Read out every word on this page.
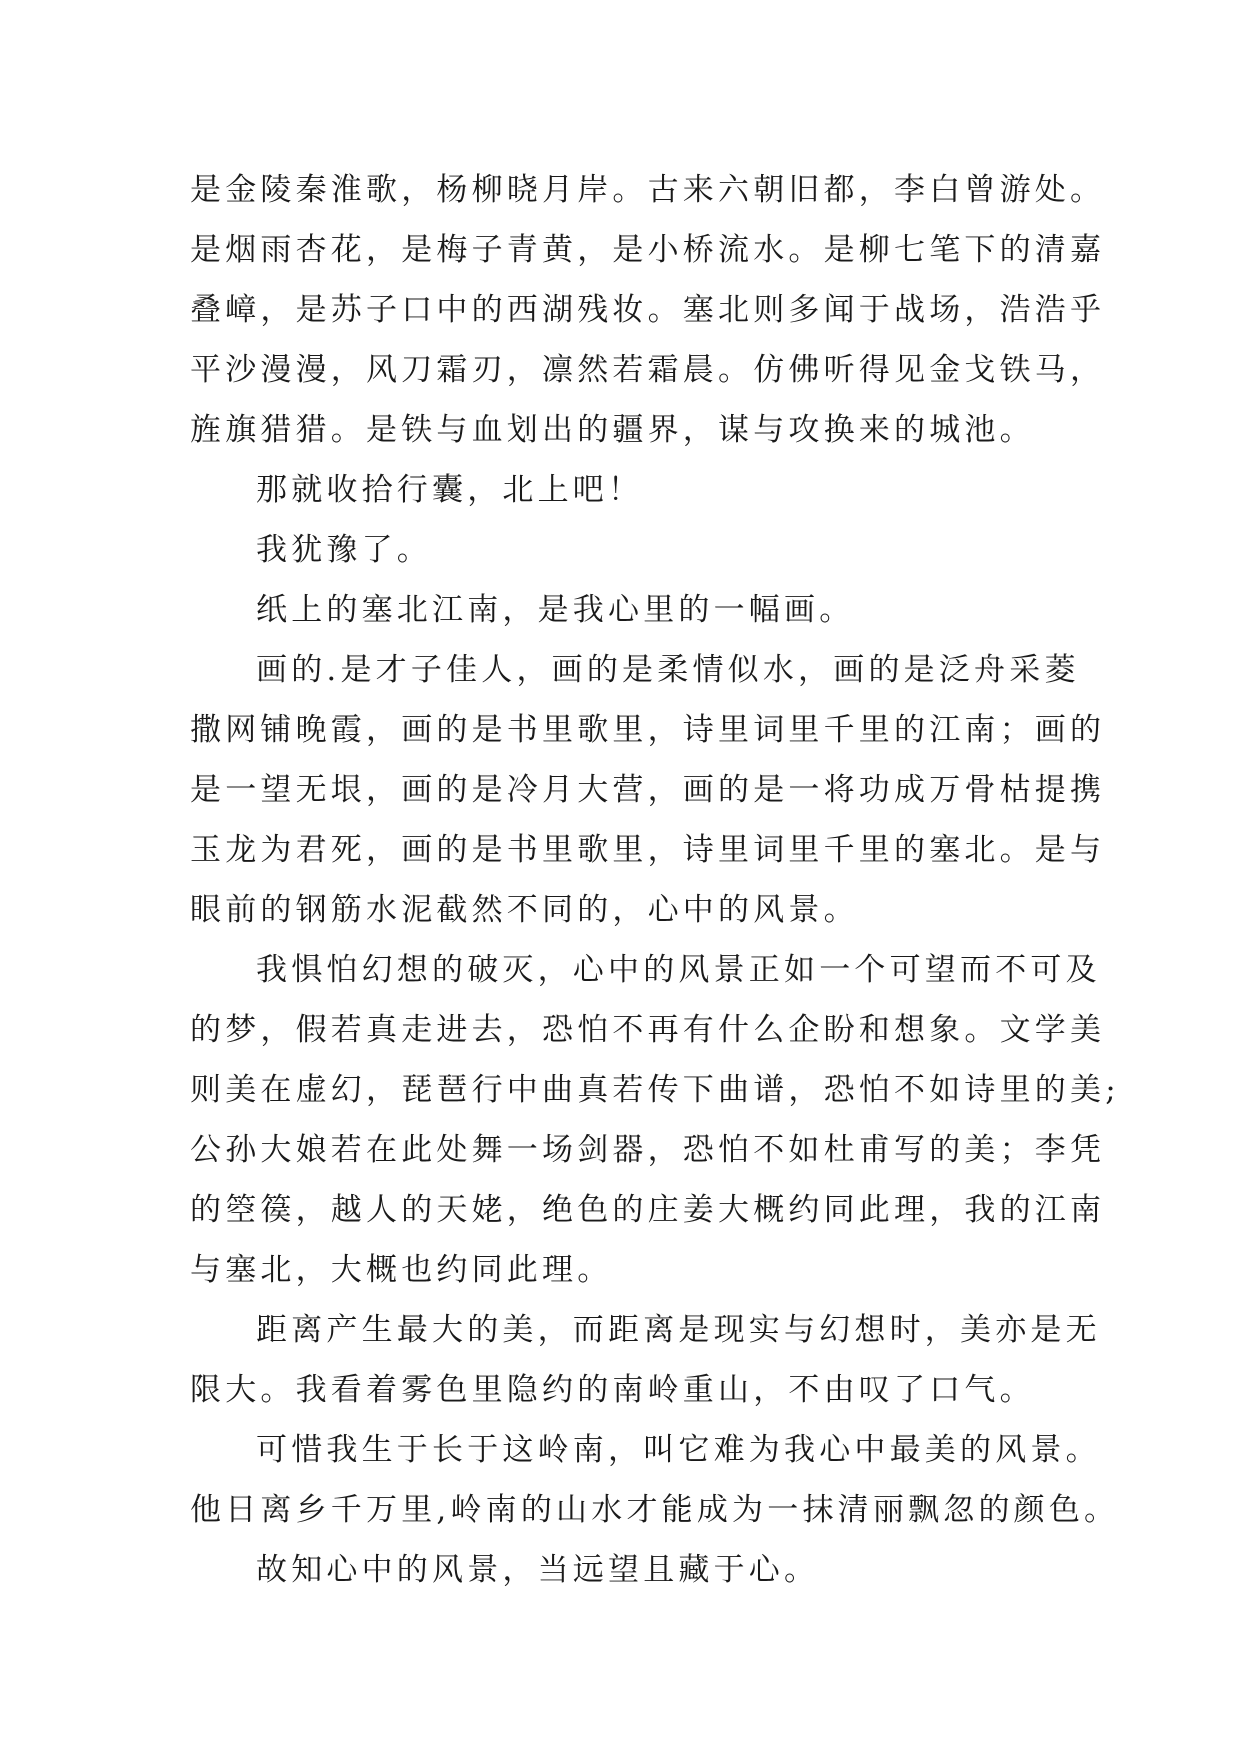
是金陵秦淮歌，杨柳晓月岸。古来六朝旧都，李白曾游处。
是烟雨杏花，是梅子青黄，是小桥流水。是柳七笔下的清嘉
叠嶂，是苏子口中的西湖残妆。塞北则多闻于战场，浩浩乎
平沙漫漫，风刀霜刃，凛然若霜晨。仿佛听得见金戈铁马，
旌旗猎猎。是铁与血划出的疆界，谋与攻换来的城池。
那就收拾行囊，北上吧！
我犹豫了。
纸上的塞北江南，是我心里的一幅画。
画的.是才子佳人，画的是柔情似水，画的是泛舟采菱
撒网铺晚霞，画的是书里歌里，诗里词里千里的江南；画的
是一望无垠，画的是冷月大营，画的是一将功成万骨枯提携
玉龙为君死，画的是书里歌里，诗里词里千里的塞北。是与
眼前的钢筋水泥截然不同的，心中的风景。
我惧怕幻想的破灭，心中的风景正如一个可望而不可及
的梦，假若真走进去，恐怕不再有什么企盼和想象。文学美
则美在虚幻，琵琶行中曲真若传下曲谱，恐怕不如诗里的美;
公孙大娘若在此处舞一场剑器，恐怕不如杜甫写的美；李凭
的箜篌，越人的天姥，绝色的庄姜大概约同此理，我的江南
与塞北，大概也约同此理。
距离产生最大的美，而距离是现实与幻想时，美亦是无
限大。我看着雾色里隐约的南岭重山，不由叹了口气。
可惜我生于长于这岭南，叫它难为我心中最美的风景。
他日离乡千万里,岭南的山水才能成为一抹清丽飘忽的颜色。
故知心中的风景，当远望且藏于心。
